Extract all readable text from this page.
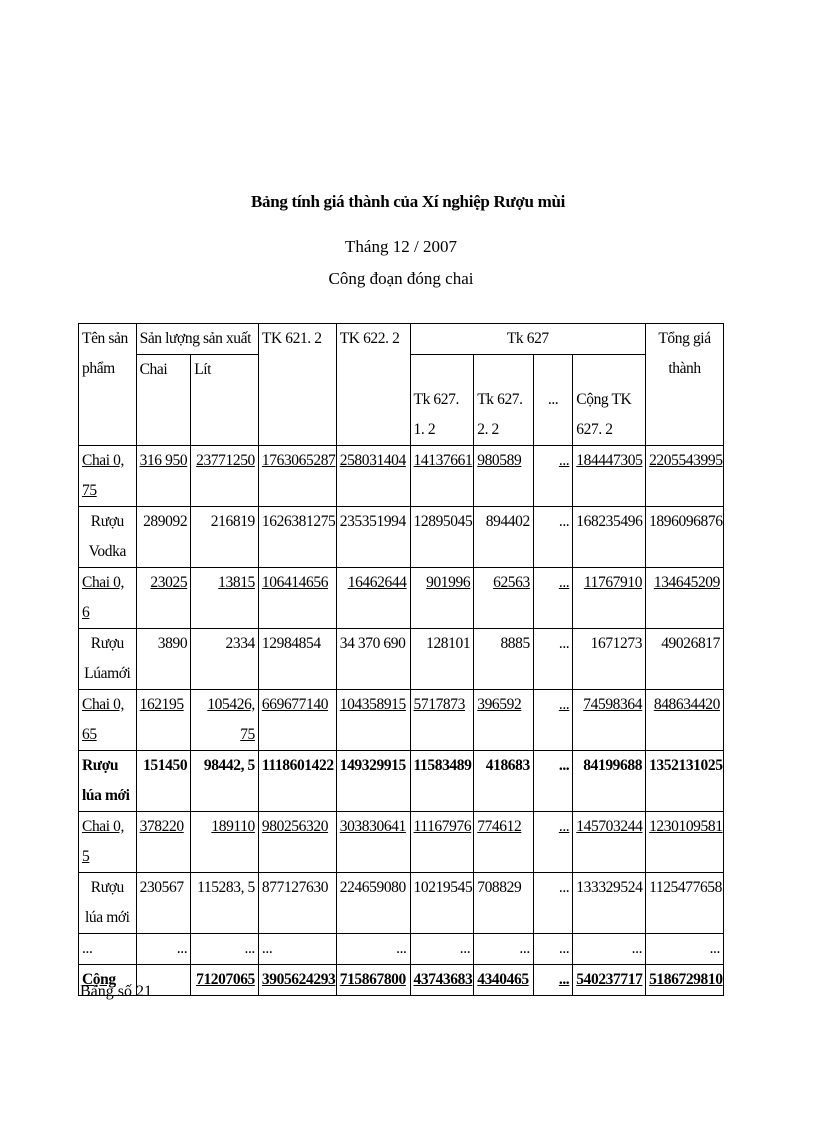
Bảng tính giá thành của Xí nghiệp Rượu mùi
Tháng 12 / 2007
Công đoạn đóng chai
Tên sản phẩm	Sản lượng sản xuất		TK 621. 2	TK 622. 2	Tk 627				Tổng giá thành
	Chai	Lít			Tk 627. 1. 2	Tk 627. 2. 2	...	Cộng TK 627. 2	
Chai 0, 75	316 950	23771250	1763065287	258031404	14137661	980589	...	184447305	2205543995
Rượu Vodka	289092	216819	1626381275	235351994	12895045	894402	...	168235496	1896096876
Chai 0, 6	23025	13815	106414656	16462644	901996	62563	...	11767910	134645209
Rượu Lúamới	3890	2334	12984854	34 370 690	128101	8885	...	1671273	49026817
Chai 0, 65	162195	105426, 75	669677140	104358915	5717873	396592	...	74598364	848634420
Rượu lúa mới	151450	98442, 5	1118601422	149329915	11583489	418683	...	84199688	1352131025
Chai 0, 5	378220	189110	980256320	303830641	11167976	774612	...	145703244	1230109581
Rượu lúa mới	230567	115283, 5	877127630	224659080	10219545	708829	...	133329524	1125477658
...	...	...	...	...	...	...	...	...	...
Cộng		71207065	3905624293	715867800	43743683	4340465	...	540237717	5186729810
Bảng số 21
